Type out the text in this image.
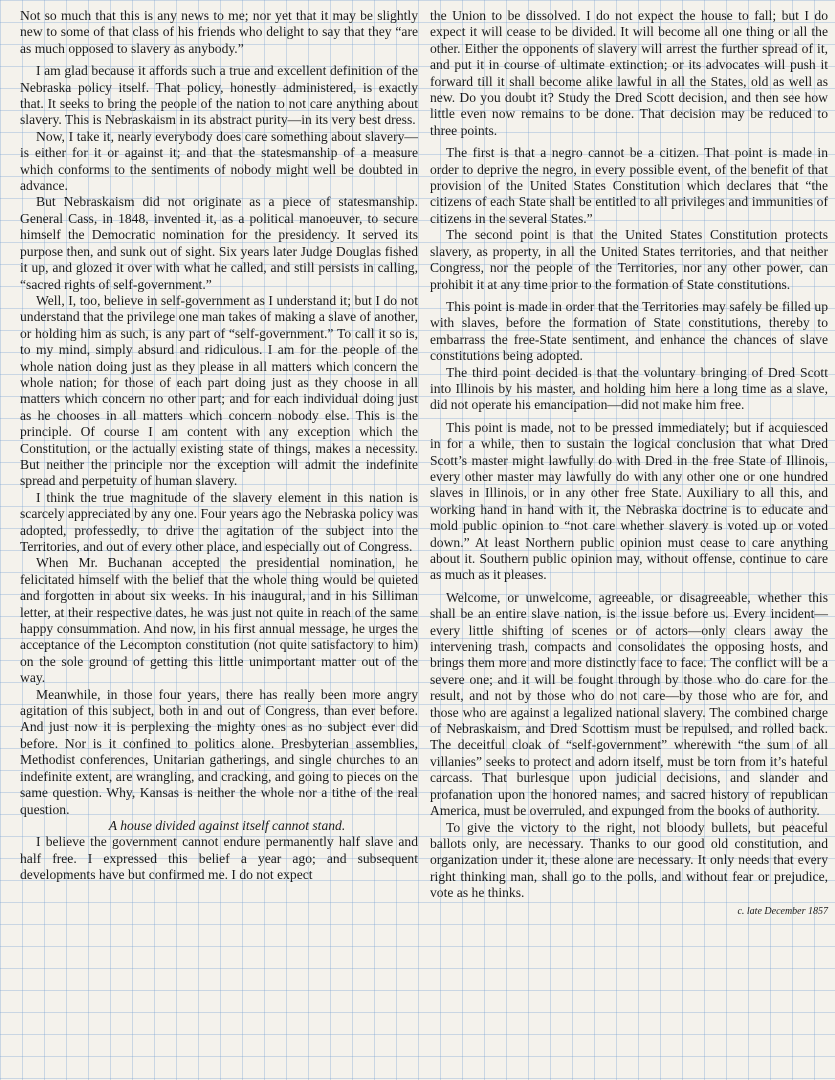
Not so much that this is any news to me; nor yet that it may be slightly new to some of that class of his friends who delight to say that they “are as much opposed to slavery as anybody.”

I am glad because it affords such a true and excellent definition of the Nebraska policy itself. That policy, honestly administered, is exactly that. It seeks to bring the people of the nation to not care anything about slavery. This is Nebraskaism in its abstract purity—in its very best dress.

Now, I take it, nearly everybody does care something about slavery—is either for it or against it; and that the statesmanship of a measure which conforms to the sentiments of nobody might well be doubted in advance.

But Nebraskaism did not originate as a piece of statesmanship. General Cass, in 1848, invented it, as a political manoeuver, to secure himself the Democratic nomination for the presidency. It served its purpose then, and sunk out of sight. Six years later Judge Douglas fished it up, and glozed it over with what he called, and still persists in calling, “sacred rights of self-government.”

Well, I, too, believe in self-government as I understand it; but I do not understand that the privilege one man takes of making a slave of another, or holding him as such, is any part of “self-government.” To call it so is, to my mind, simply absurd and ridiculous. I am for the people of the whole nation doing just as they please in all matters which concern the whole nation; for those of each part doing just as they choose in all matters which concern no other part; and for each individual doing just as he chooses in all matters which concern nobody else. This is the principle. Of course I am content with any exception which the Constitution, or the actually existing state of things, makes a necessity. But neither the principle nor the exception will admit the indefinite spread and perpetuity of human slavery.

I think the true magnitude of the slavery element in this nation is scarcely appreciated by any one. Four years ago the Nebraska policy was adopted, professedly, to drive the agitation of the subject into the Territories, and out of every other place, and especially out of Congress.

When Mr. Buchanan accepted the presidential nomination, he felicitated himself with the belief that the whole thing would be quieted and forgotten in about six weeks. In his inaugural, and in his Silliman letter, at their respective dates, he was just not quite in reach of the same happy consummation. And now, in his first annual message, he urges the acceptance of the Lecompton constitution (not quite satisfactory to him) on the sole ground of getting this little unimportant matter out of the way.

Meanwhile, in those four years, there has really been more angry agitation of this subject, both in and out of Congress, than ever before. And just now it is perplexing the mighty ones as no subject ever did before. Nor is it confined to politics alone. Presbyterian assemblies, Methodist conferences, Unitarian gatherings, and single churches to an indefinite extent, are wrangling, and cracking, and going to pieces on the same question. Why, Kansas is neither the whole nor a tithe of the real question.

A house divided against itself cannot stand.

I believe the government cannot endure permanently half slave and half free. I expressed this belief a year ago; and subsequent developments have but confirmed me. I do not expect

the Union to be dissolved. I do not expect the house to fall; but I do expect it will cease to be divided. It will become all one thing or all the other. Either the opponents of slavery will arrest the further spread of it, and put it in course of ultimate extinction; or its advocates will push it forward till it shall become alike lawful in all the States, old as well as new. Do you doubt it? Study the Dred Scott decision, and then see how little even now remains to be done. That decision may be reduced to three points.

The first is that a negro cannot be a citizen. That point is made in order to deprive the negro, in every possible event, of the benefit of that provision of the United States Constitution which declares that “the citizens of each State shall be entitled to all privileges and immunities of citizens in the several States.”

The second point is that the United States Constitution protects slavery, as property, in all the United States territories, and that neither Congress, nor the people of the Territories, nor any other power, can prohibit it at any time prior to the formation of State constitutions.

This point is made in order that the Territories may safely be filled up with slaves, before the formation of State constitutions, thereby to embarrass the free-State sentiment, and enhance the chances of slave constitutions being adopted.

The third point decided is that the voluntary bringing of Dred Scott into Illinois by his master, and holding him here a long time as a slave, did not operate his emancipation—did not make him free.

This point is made, not to be pressed immediately; but if acquiesced in for a while, then to sustain the logical conclusion that what Dred Scott’s master might lawfully do with Dred in the free State of Illinois, every other master may lawfully do with any other one or one hundred slaves in Illinois, or in any other free State. Auxiliary to all this, and working hand in hand with it, the Nebraska doctrine is to educate and mold public opinion to “not care whether slavery is voted up or voted down.” At least Northern public opinion must cease to care anything about it. Southern public opinion may, without offense, continue to care as much as it pleases.

Welcome, or unwelcome, agreeable, or disagreeable, whether this shall be an entire slave nation, is the issue before us. Every incident—every little shifting of scenes or of actors—only clears away the intervening trash, compacts and consolidates the opposing hosts, and brings them more and more distinctly face to face. The conflict will be a severe one; and it will be fought through by those who do care for the result, and not by those who do not care—by those who are for, and those who are against a legalized national slavery. The combined charge of Nebraskaism, and Dred Scottism must be repulsed, and rolled back. The deceitful cloak of “self-government” wherewith “the sum of all villanies” seeks to protect and adorn itself, must be torn from it’s hateful carcass. That burlesque upon judicial decisions, and slander and profanation upon the honored names, and sacred history of republican America, must be overruled, and expunged from the books of authority.

To give the victory to the right, not bloody bullets, but peaceful ballots only, are necessary. Thanks to our good old constitution, and organization under it, these alone are necessary. It only needs that every right thinking man, shall go to the polls, and without fear or prejudice, vote as he thinks.

c. late December 1857
